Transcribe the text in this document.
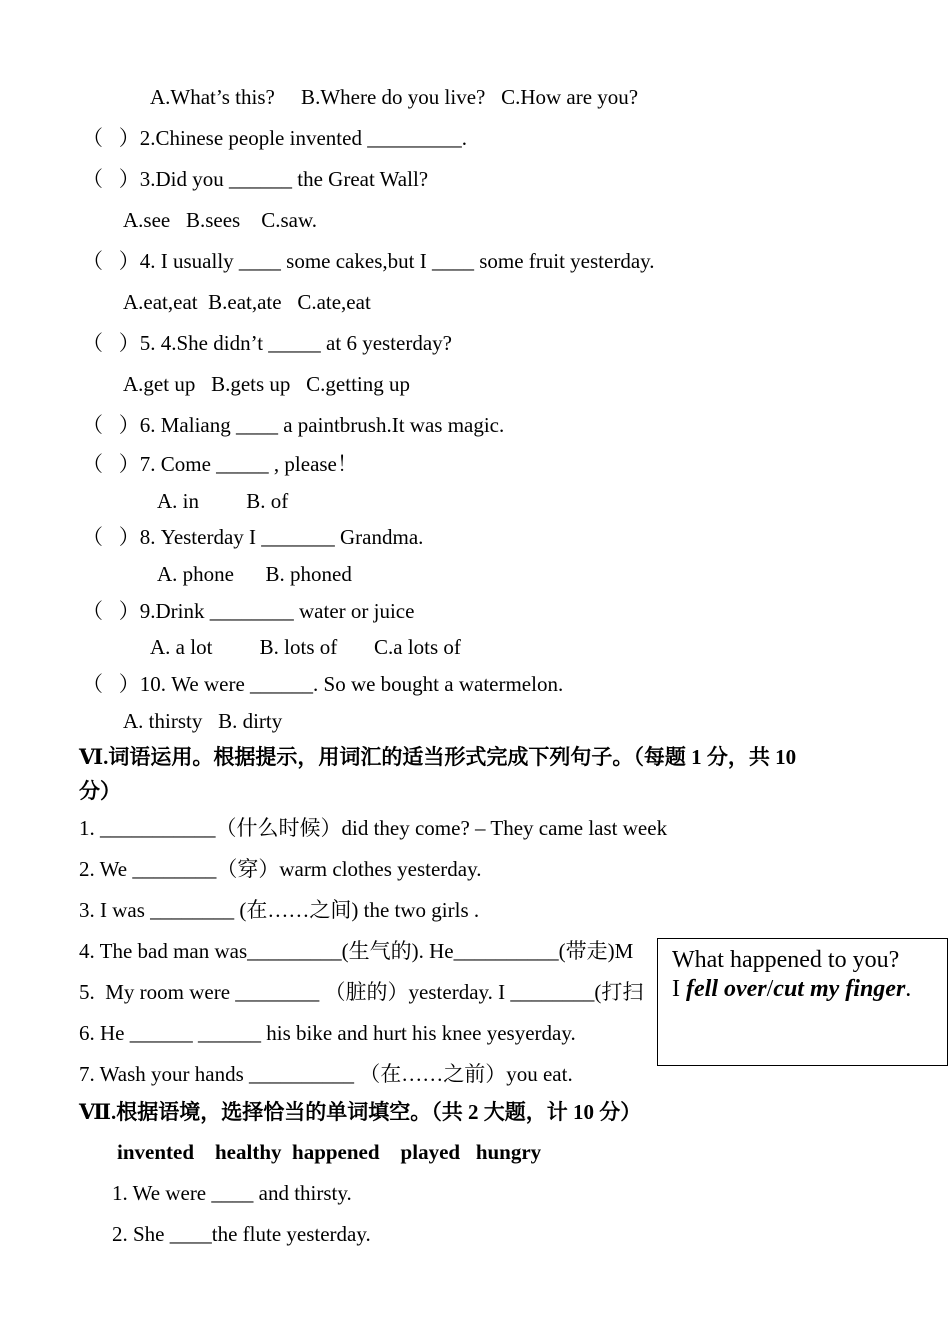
A.What’s this?     B.Where do you live?   C.How are you?
（   ）2.Chinese people invented _________.
（   ）3.Did you ______ the Great Wall?
A.see   B.sees    C.saw.
（   ）4. I usually ____ some cakes,but I ____ some fruit yesterday.
A.eat,eat  B.eat,ate   C.ate,eat
（   ）5. 4.She didn’t _____ at 6 yesterday?
A.get up   B.gets up   C.getting up
（   ）6. Maliang ____ a paintbrush.It was magic.
（   ）7. Come _____ , please！
A. in         B. of
（   ）8. Yesterday I _______ Grandma.
A. phone      B. phoned
（   ）9.Drink ________ water or juice
A. a lot         B. lots of       C.a lots of
（   ）10. We were ______. So we bought a watermelon.
A. thirsty   B. dirty
Ⅵ.词语运用。根据提示，用词汇的适当形式完成下列句子。（每题 1 分，共 10
分）
1. ___________（什么时候）did they come? – They came last week
2. We ________（穿）warm clothes yesterday.
3. I was ________ (在……之间) the two girls .
4. The bad man was_________(生气的). He__________(带走)M
5.  My room were ________ （脏的）yesterday. I ________(打扫
6. He ______ ______ his bike and hurt his knee yesyerday.
7. Wash your hands __________ （在……之前）you eat.
What happened to you?
I fell over/cut my finger.
Ⅶ.根据语境，选择恰当的单词填空。（共 2 大题，计 10 分）
invented    healthy  happened    played   hungry
1. We were ____ and thirsty.
2. She ____the flute yesterday.
